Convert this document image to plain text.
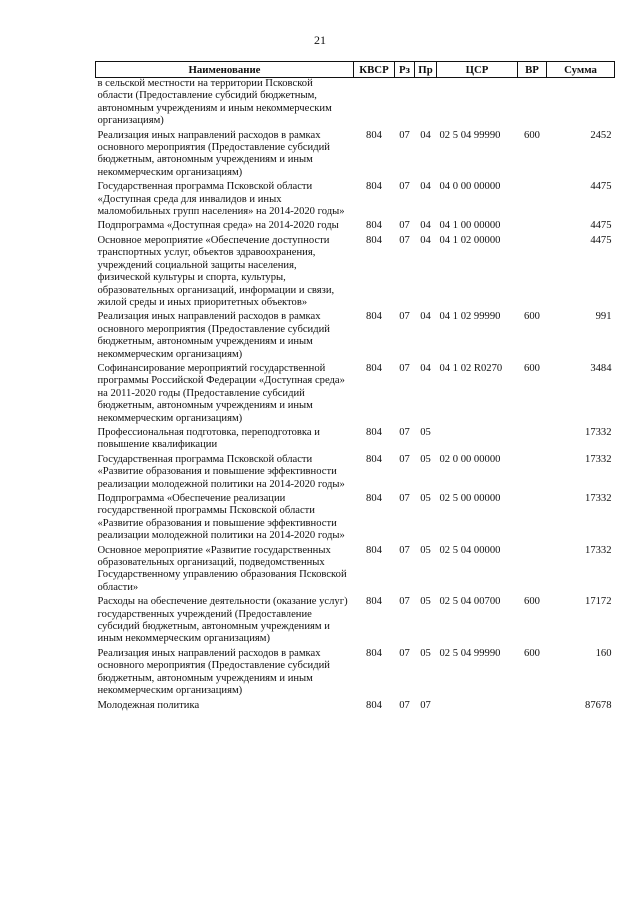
21
Наименование	КВСР	Рз	Пр	ЦСР	ВР	Сумма
в сельской местности на территории Псковской области (Предоставление субсидий бюджетным, автономным учреждениям и иным некоммерческим организациям)						
Реализация иных направлений расходов в рамках основного мероприятия (Предоставление субсидий бюджетным, автономным учреждениям и иным некоммерческим организациям)	804	07	04	02 5 04 99990	600	2452
Государственная программа Псковской области «Доступная среда для инвалидов и иных маломобильных групп населения» на 2014-2020 годы»	804	07	04	04 0 00 00000		4475
Подпрограмма «Доступная среда» на 2014-2020 годы	804	07	04	04 1 00 00000		4475
Основное мероприятие «Обеспечение доступности транспортных услуг, объектов здравоохранения, учреждений социальной защиты населения, физической культуры и спорта, культуры, образовательных организаций, информации и связи, жилой среды и иных приоритетных объектов»	804	07	04	04 1 02 00000		4475
Реализация иных направлений расходов в рамках основного мероприятия (Предоставление субсидий бюджетным, автономным учреждениям и иным некоммерческим организациям)	804	07	04	04 1 02 99990	600	991
Софинансирование мероприятий государственной программы Российской Федерации «Доступная среда» на 2011-2020 годы (Предоставление субсидий бюджетным, автономным учреждениям и иным некоммерческим организациям)	804	07	04	04 1 02 R0270	600	3484
Профессиональная подготовка, переподготовка и повышение квалификации	804	07	05			17332
Государственная программа Псковской области «Развитие образования и повышение эффективности реализации молодежной политики на 2014-2020 годы»	804	07	05	02 0 00 00000		17332
Подпрограмма «Обеспечение реализации государственной программы Псковской области «Развитие образования и повышение эффективности реализации молодежной политики на 2014-2020 годы»	804	07	05	02 5 00 00000		17332
Основное мероприятие «Развитие государственных образовательных организаций, подведомственных Государственному управлению образования Псковской области»	804	07	05	02 5 04 00000		17332
Расходы на обеспечение деятельности (оказание услуг) государственных учреждений (Предоставление субсидий бюджетным, автономным учреждениям и иным некоммерческим организациям)	804	07	05	02 5 04 00700	600	17172
Реализация иных направлений расходов в рамках основного мероприятия (Предоставление субсидий бюджетным, автономным учреждениям и иным некоммерческим организациям)	804	07	05	02 5 04 99990	600	160
Молодежная политика	804	07	07			87678
